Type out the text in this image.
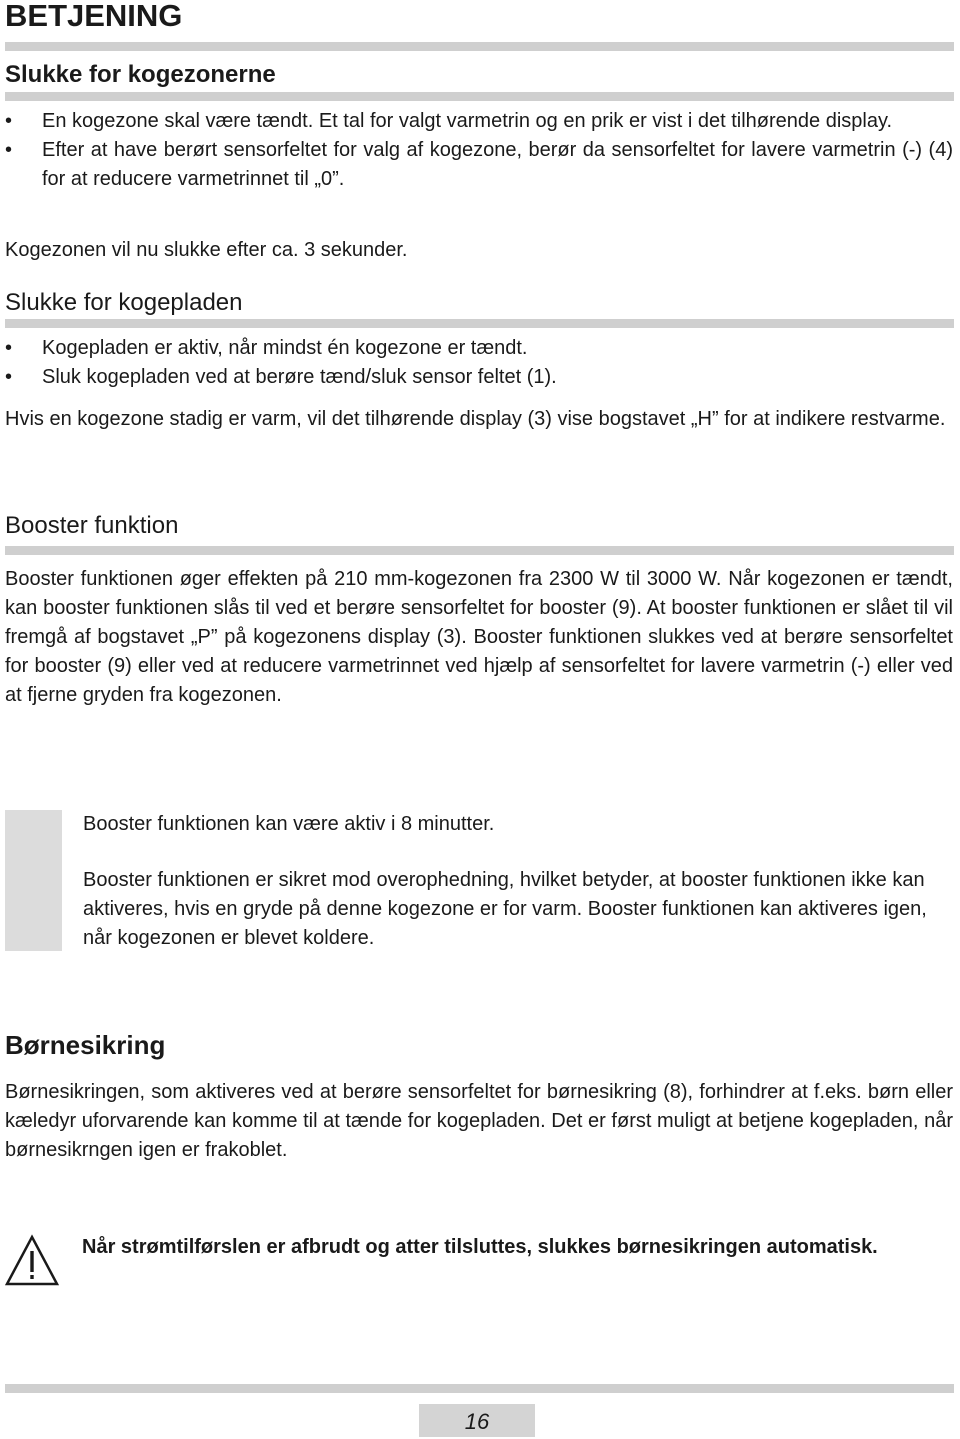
BETJENING
Slukke for kogezonerne
• En kogezone skal være tændt. Et tal for valgt varmetrin og en prik er vist i det tilhørende display.
• Efter at have berørt sensorfeltet for valg af kogezone, berør da sensorfeltet for lavere varmetrin (-) (4) for at reducere varmetrinnet til „0”.

Kogezonen vil nu slukke efter ca. 3 sekunder.

Slukke for kogepladen
• Kogepladen er aktiv, når mindst én kogezone er tændt.
• Sluk kogepladen ved at berøre tænd/sluk sensor feltet (1).

Hvis en kogezone stadig er varm, vil det tilhørende display (3) vise bogstavet „H” for at indikere restvarme.

Booster funktion

Booster funktionen øger effekten på 210 mm-kogezonen fra 2300 W til 3000 W. Når kogezonen er tændt, kan booster funktionen slås til ved et berøre sensorfeltet for booster (9). At booster funktionen er slået til vil fremgå af bogstavet „P” på kogezonens display (3). Booster funktionen slukkes ved at berøre sensorfeltet for booster (9) eller ved at reducere varmetrinnet ved hjælp af sensorfeltet for lavere varmetrin (-) eller ved at fjerne gryden fra kogezonen.

Booster funktionen kan være aktiv i 8 minutter.

Booster funktionen er sikret mod overophedning, hvilket betyder, at booster funktionen ikke kan aktiveres, hvis en gryde på denne kogezone er for varm. Booster funktionen kan aktiveres igen, når kogezonen er blevet koldere.

Børnesikring

Børnesikringen, som aktiveres ved at berøre sensorfeltet for børnesikring (8), forhindrer at f.eks. børn eller kæledyr uforvarende kan komme til at tænde for kogepladen. Det er først muligt at betjene kogepladen, når børnesikrngen igen er frakoblet.

Når strømtilførslen er afbrudt og atter tilsluttes, slukkes børnesikringen automatisk.

16
